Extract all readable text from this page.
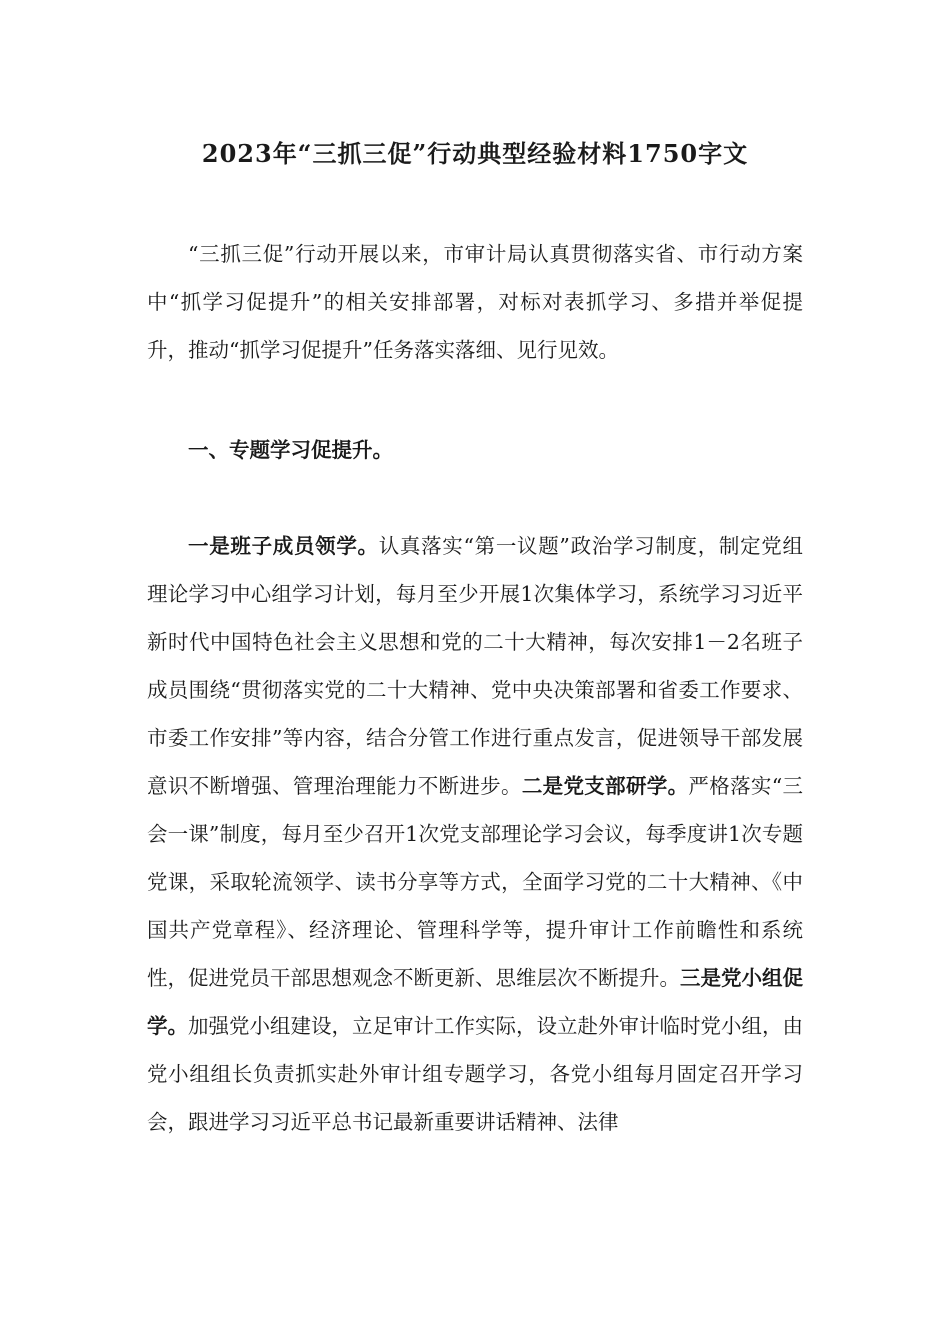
2023年“三抓三促”行动典型经验材料1750字文

“三抓三促”行动开展以来，市审计局认真贯彻落实省、市行动方案中“抓学习促提升”的相关安排部署，对标对表抓学习、多措并举促提升，推动“抓学习促提升”任务落实落细、见行见效。

一、专题学习促提升。

一是班子成员领学。认真落实“第一议题”政治学习制度，制定党组理论学习中心组学习计划，每月至少开展1次集体学习，系统学习习近平新时代中国特色社会主义思想和党的二十大精神，每次安排1－2名班子成员围绕“贯彻落实党的二十大精神、党中央决策部署和省委工作要求、市委工作安排”等内容，结合分管工作进行重点发言，促进领导干部发展意识不断增强、管理治理能力不断进步。二是党支部研学。严格落实“三会一课”制度，每月至少召开1次党支部理论学习会议，每季度讲1次专题党课，采取轮流领学、读书分享等方式，全面学习党的二十大精神、《中国共产党章程》、经济理论、管理科学等，提升审计工作前瞻性和系统性，促进党员干部思想观念不断更新、思维层次不断提升。三是党小组促学。加强党小组建设，立足审计工作实际，设立赴外审计临时党小组，由党小组组长负责抓实赴外审计组专题学习，各党小组每月固定召开学习会，跟进学习习近平总书记最新重要讲话精神、法律
